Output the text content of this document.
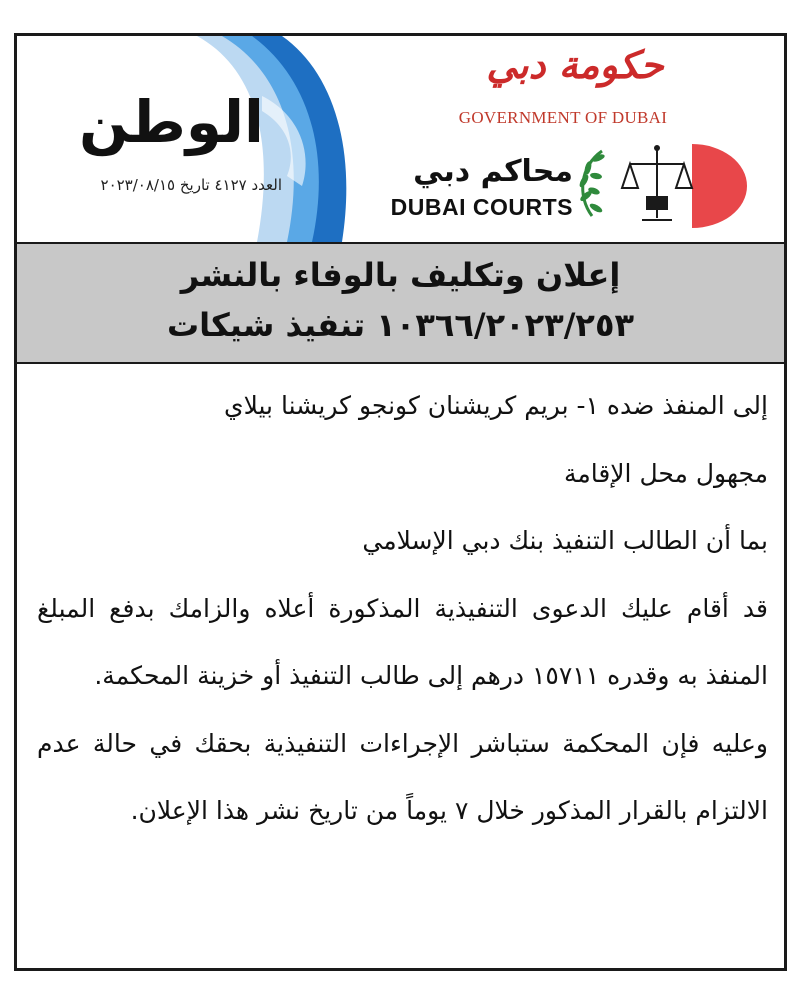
الوطن
العدد ٤١٢٧ تاريخ ٢٠٢٣/٠٨/١٥
حكومة دبي
GOVERNMENT OF DUBAI
محاكم دبي
DUBAI COURTS
إعلان وتكليف بالوفاء بالنشر
١٠٣٦٦/٢٠٢٣/٢٥٣ تنفيذ شيكات

إلى المنفذ ضده ١- بريم كريشنان كونجو كريشنا بيلاي

مجهول محل الإقامة

بما أن الطالب التنفيذ بنك دبي الإسلامي

قد أقام عليك الدعوى التنفيذية المذكورة أعلاه والزامك بدفع المبلغ المنفذ به وقدره ١٥٧١١ درهم إلى طالب التنفيذ أو خزينة المحكمة.

وعليه فإن المحكمة ستباشر الإجراءات التنفيذية بحقك في حالة عدم الالتزام بالقرار المذكور خلال ٧ يوماً من تاريخ نشر هذا الإعلان.
